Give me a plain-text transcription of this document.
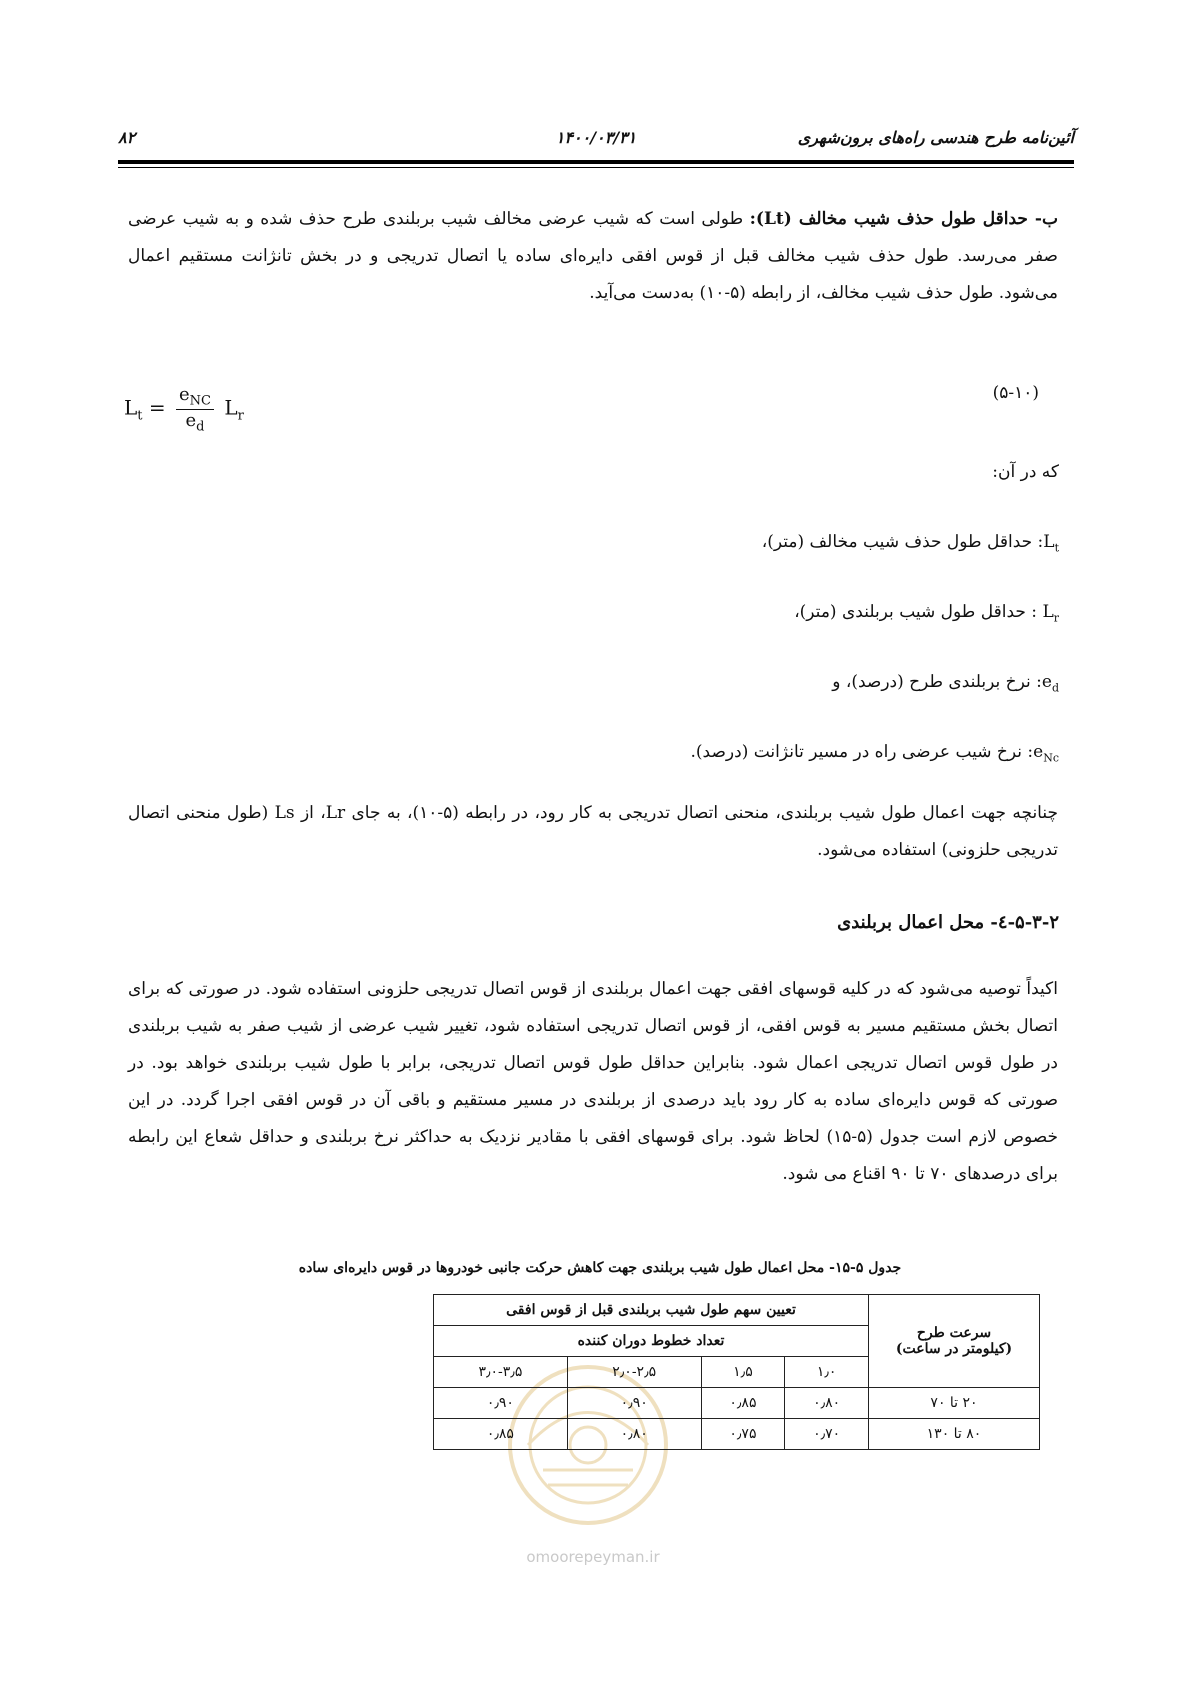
آئین‌نامه طرح هندسی راه‌های برون‌شهری
۱۴۰۰/۰۳/۳۱
۸۲
ب- حداقل طول حذف شیب مخالف (Lt): طولی است که شیب عرضی مخالف شیب بربلندی طرح حذف شده و به شیب عرضی صفر می‌رسد. طول حذف شیب مخالف قبل از قوس افقی دایره‌ای ساده یا اتصال تدریجی و در بخش تانژانت مستقیم اعمال می‌شود. طول حذف شیب مخالف، از رابطه (۵-۱۰) به‌دست می‌آید.
$L_t = \frac{e_{NC}}{e_d} L_r$
(۵-۱۰)
که در آن:
$L_t$: حداقل طول حذف شیب مخالف (متر)،
$L_r$ : حداقل طول شیب بربلندی (متر)،
$e_d$: نرخ بربلندی طرح (درصد)، و
$e_{Nc}$: نرخ شیب عرضی راه در مسیر تانژانت (درصد).
چنانچه جهت اعمال طول شیب بربلندی، منحنی اتصال تدریجی به کار رود، در رابطه (۵-۱۰)، به جای Lr، از Ls (طول منحنی اتصال تدریجی حلزونی) استفاده می‌شود.
۵-۳-۲-٤- محل اعمال بربلندی
اکیداً توصیه می‌شود که در کلیه قوسهای افقی جهت اعمال بربلندی از قوس اتصال تدریجی حلزونی استفاده شود. در صورتی که برای اتصال بخش مستقیم مسیر به قوس افقی، از قوس اتصال تدریجی استفاده شود، تغییر شیب عرضی از شیب صفر به شیب بربلندی در طول قوس اتصال تدریجی اعمال شود. بنابراین حداقل طول قوس اتصال تدریجی، برابر با طول شیب بربلندی خواهد بود. در صورتی که قوس دایره‌ای ساده به کار رود باید درصدی از بربلندی در مسیر مستقیم و باقی آن در قوس افقی اجرا گردد. در این خصوص لازم است جدول (۵-۱۵) لحاظ شود. برای قوسهای افقی با مقادیر نزدیک به حداکثر نرخ بربلندی و حداقل شعاع این رابطه برای درصدهای ۷۰ تا ۹۰ اقناع می شود.
جدول ۵-۱۵- محل اعمال طول شیب بربلندی جهت کاهش حرکت جانبی خودروها در قوس دایره‌ای ساده
omoorepeyman.ir
سرعت طرح
(کیلومتر در ساعت)	تعیین سهم طول شیب بربلندی قبل از قوس افقی			
	تعداد خطوط دوران کننده			
	۱٫۰	۱٫۵	۲٫۰-۲٫۵	۳٫۰-۳٫۵
۲۰ تا ۷۰	۰٫۸۰	۰٫۸۵	۰٫۹۰	۰٫۹۰
۸۰ تا ۱۳۰	۰٫۷۰	۰٫۷۵	۰٫۸۰	۰٫۸۵
